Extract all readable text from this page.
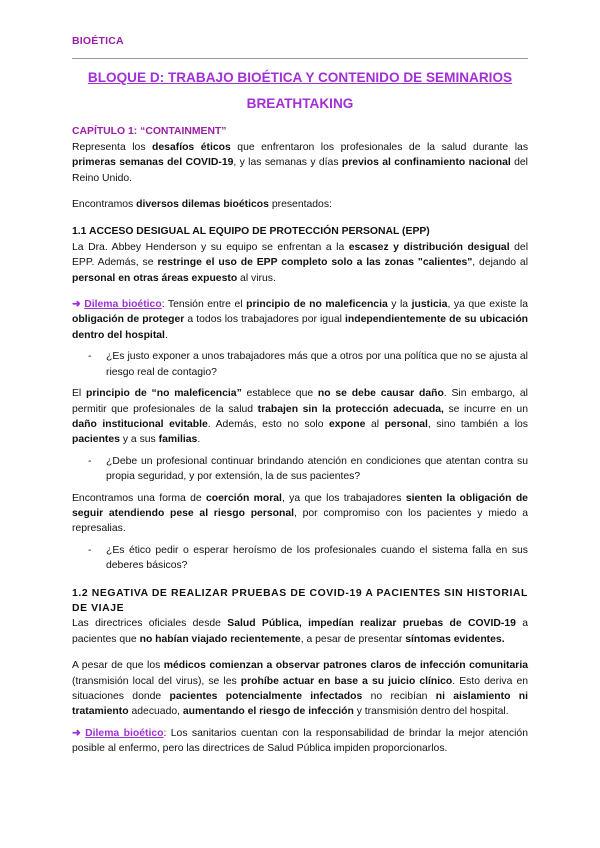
BIOÉTICA
BLOQUE D: TRABAJO BIOÉTICA Y CONTENIDO DE SEMINARIOS
BREATHTAKING
CAPÍTULO 1: “CONTAINMENT”

Representa los desafíos éticos que enfrentaron los profesionales de la salud durante las primeras semanas del COVID-19, y las semanas y días previos al confinamiento nacional del Reino Unido.

Encontramos diversos dilemas bioéticos presentados:

1.1 ACCESO DESIGUAL AL EQUIPO DE PROTECCIÓN PERSONAL (EPP)

La Dra. Abbey Henderson y su equipo se enfrentan a la escasez y distribución desigual del EPP. Además, se restringe el uso de EPP completo solo a las zonas "calientes", dejando al personal en otras áreas expuesto al virus.

➜ Dilema bioético: Tensión entre el principio de no maleficencia y la justicia, ya que existe la obligación de proteger a todos los trabajadores por igual independientemente de su ubicación dentro del hospital.

- ¿Es justo exponer a unos trabajadores más que a otros por una política que no se ajusta al riesgo real de contagio?

El principio de “no maleficencia” establece que no se debe causar daño. Sin embargo, al permitir que profesionales de la salud trabajen sin la protección adecuada, se incurre en un daño institucional evitable. Además, esto no solo expone al personal, sino también a los pacientes y a sus familias.

- ¿Debe un profesional continuar brindando atención en condiciones que atentan contra su propia seguridad, y por extensión, la de sus pacientes?

Encontramos una forma de coerción moral, ya que los trabajadores sienten la obligación de seguir atendiendo pese al riesgo personal, por compromiso con los pacientes y miedo a represalias.

- ¿Es ético pedir o esperar heroísmo de los profesionales cuando el sistema falla en sus deberes básicos?
1.2 NEGATIVA DE REALIZAR PRUEBAS DE COVID-19 A PACIENTES SIN HISTORIAL DE VIAJE

Las directrices oficiales desde Salud Pública, impedían realizar pruebas de COVID-19 a pacientes que no habían viajado recientemente, a pesar de presentar síntomas evidentes.

A pesar de que los médicos comienzan a observar patrones claros de infección comunitaria (transmisión local del virus), se les prohíbe actuar en base a su juicio clínico. Esto deriva en situaciones donde pacientes potencialmente infectados no recibían ni aislamiento ni tratamiento adecuado, aumentando el riesgo de infección y transmisión dentro del hospital.

➜ Dilema bioético: Los sanitarios cuentan con la responsabilidad de brindar la mejor atención posible al enfermo, pero las directrices de Salud Pública impiden proporcionarlos.
